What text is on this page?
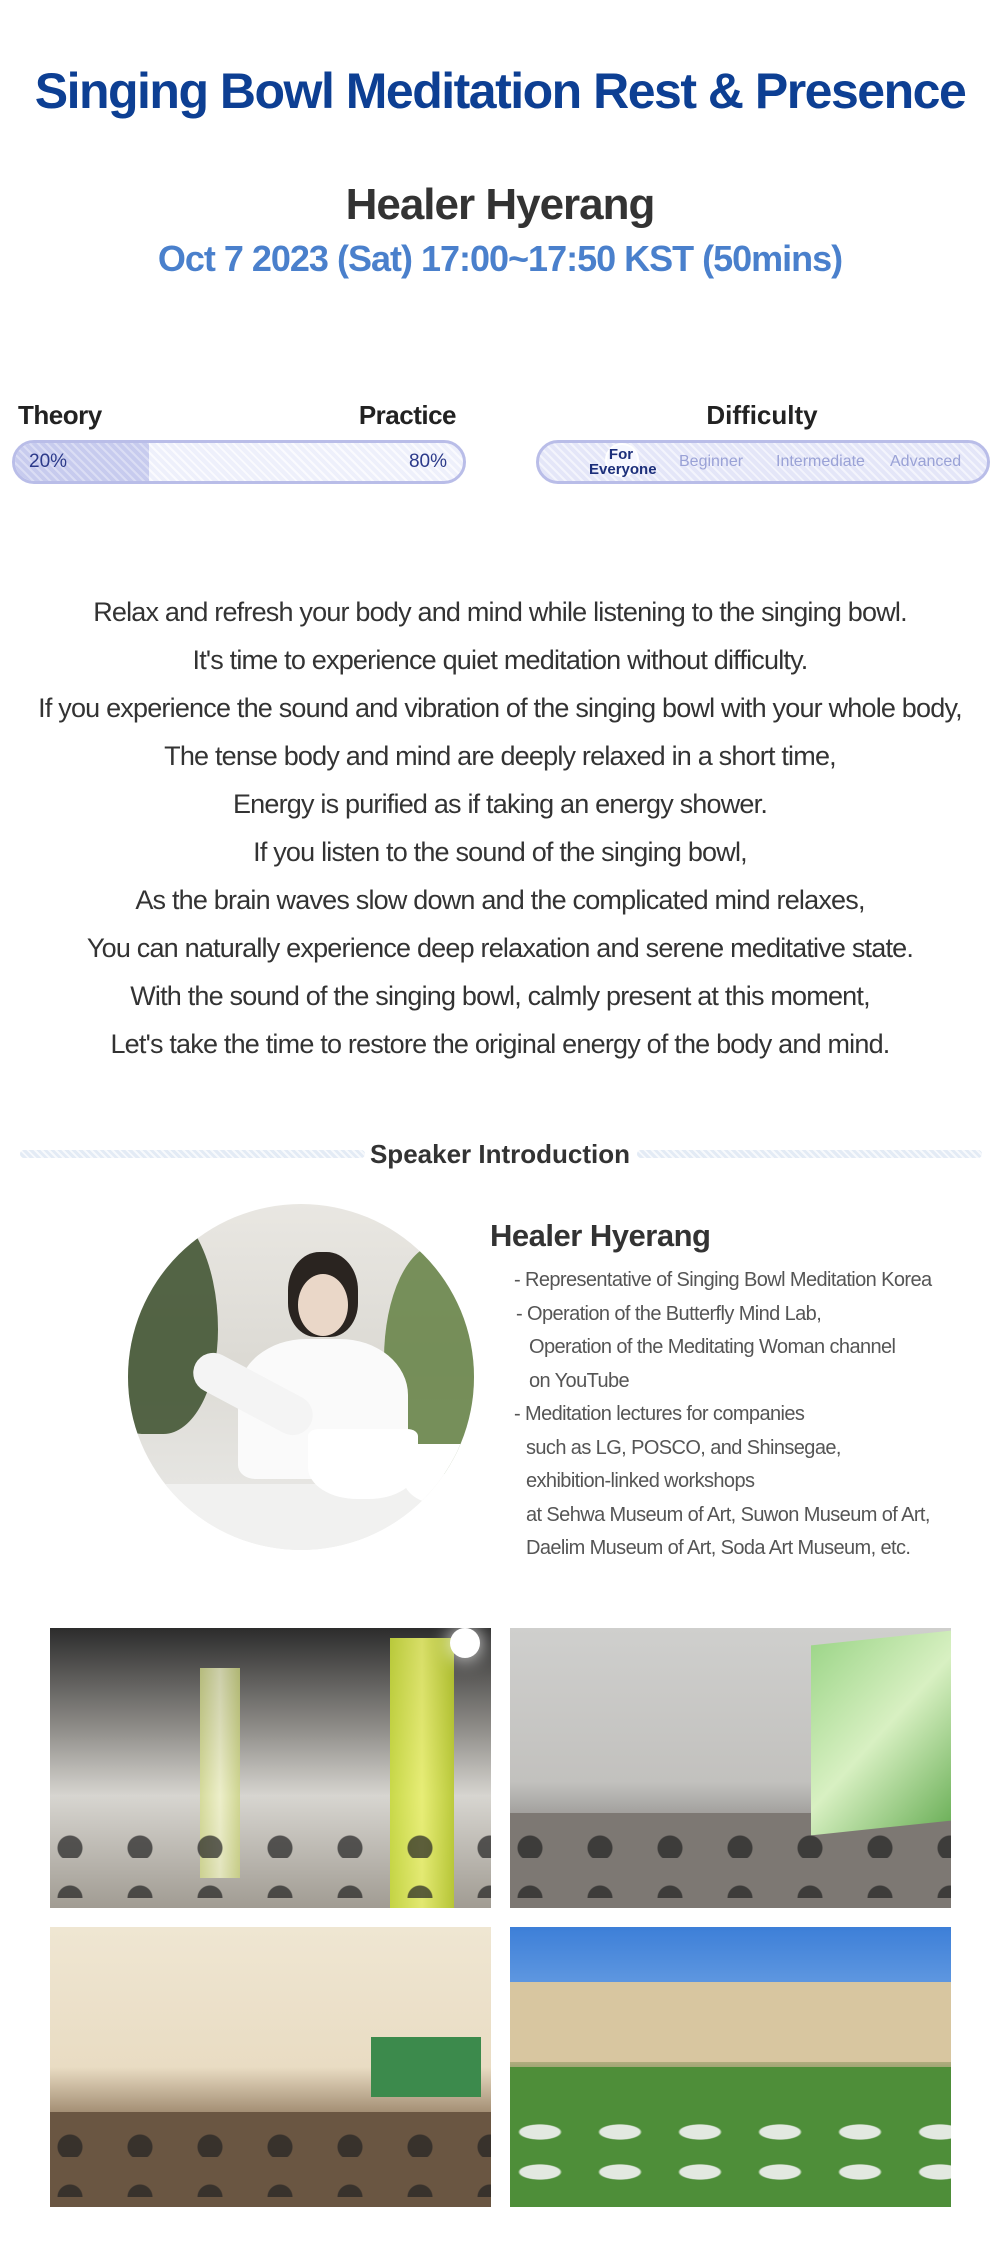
Singing Bowl Meditation Rest & Presence
Healer Hyerang
Oct 7 2023 (Sat) 17:00~17:50 KST (50mins)
Theory	Practice
20%	80%
Difficulty
For
Everyone Beginner Intermediate Advanced
Relax and refresh your body and mind while listening to the singing bowl.
It's time to experience quiet meditation without difficulty.
If you experience the sound and vibration of the singing bowl with your whole body,
The tense body and mind are deeply relaxed in a short time,
Energy is purified as if taking an energy shower.
If you listen to the sound of the singing bowl,
As the brain waves slow down and the complicated mind relaxes,
You can naturally experience deep relaxation and serene meditative state.
With the sound of the singing bowl, calmly present at this moment,
Let's take the time to restore the original energy of the body and mind.
Speaker Introduction
Healer Hyerang
- Representative of Singing Bowl Meditation Korea
- Operation of the Butterfly Mind Lab,
Operation of the Meditating Woman channel
on YouTube
- Meditation lectures for companies
such as LG, POSCO, and Shinsegae,
exhibition-linked workshops
at Sehwa Museum of Art, Suwon Museum of Art,
Daelim Museum of Art, Soda Art Museum, etc.
